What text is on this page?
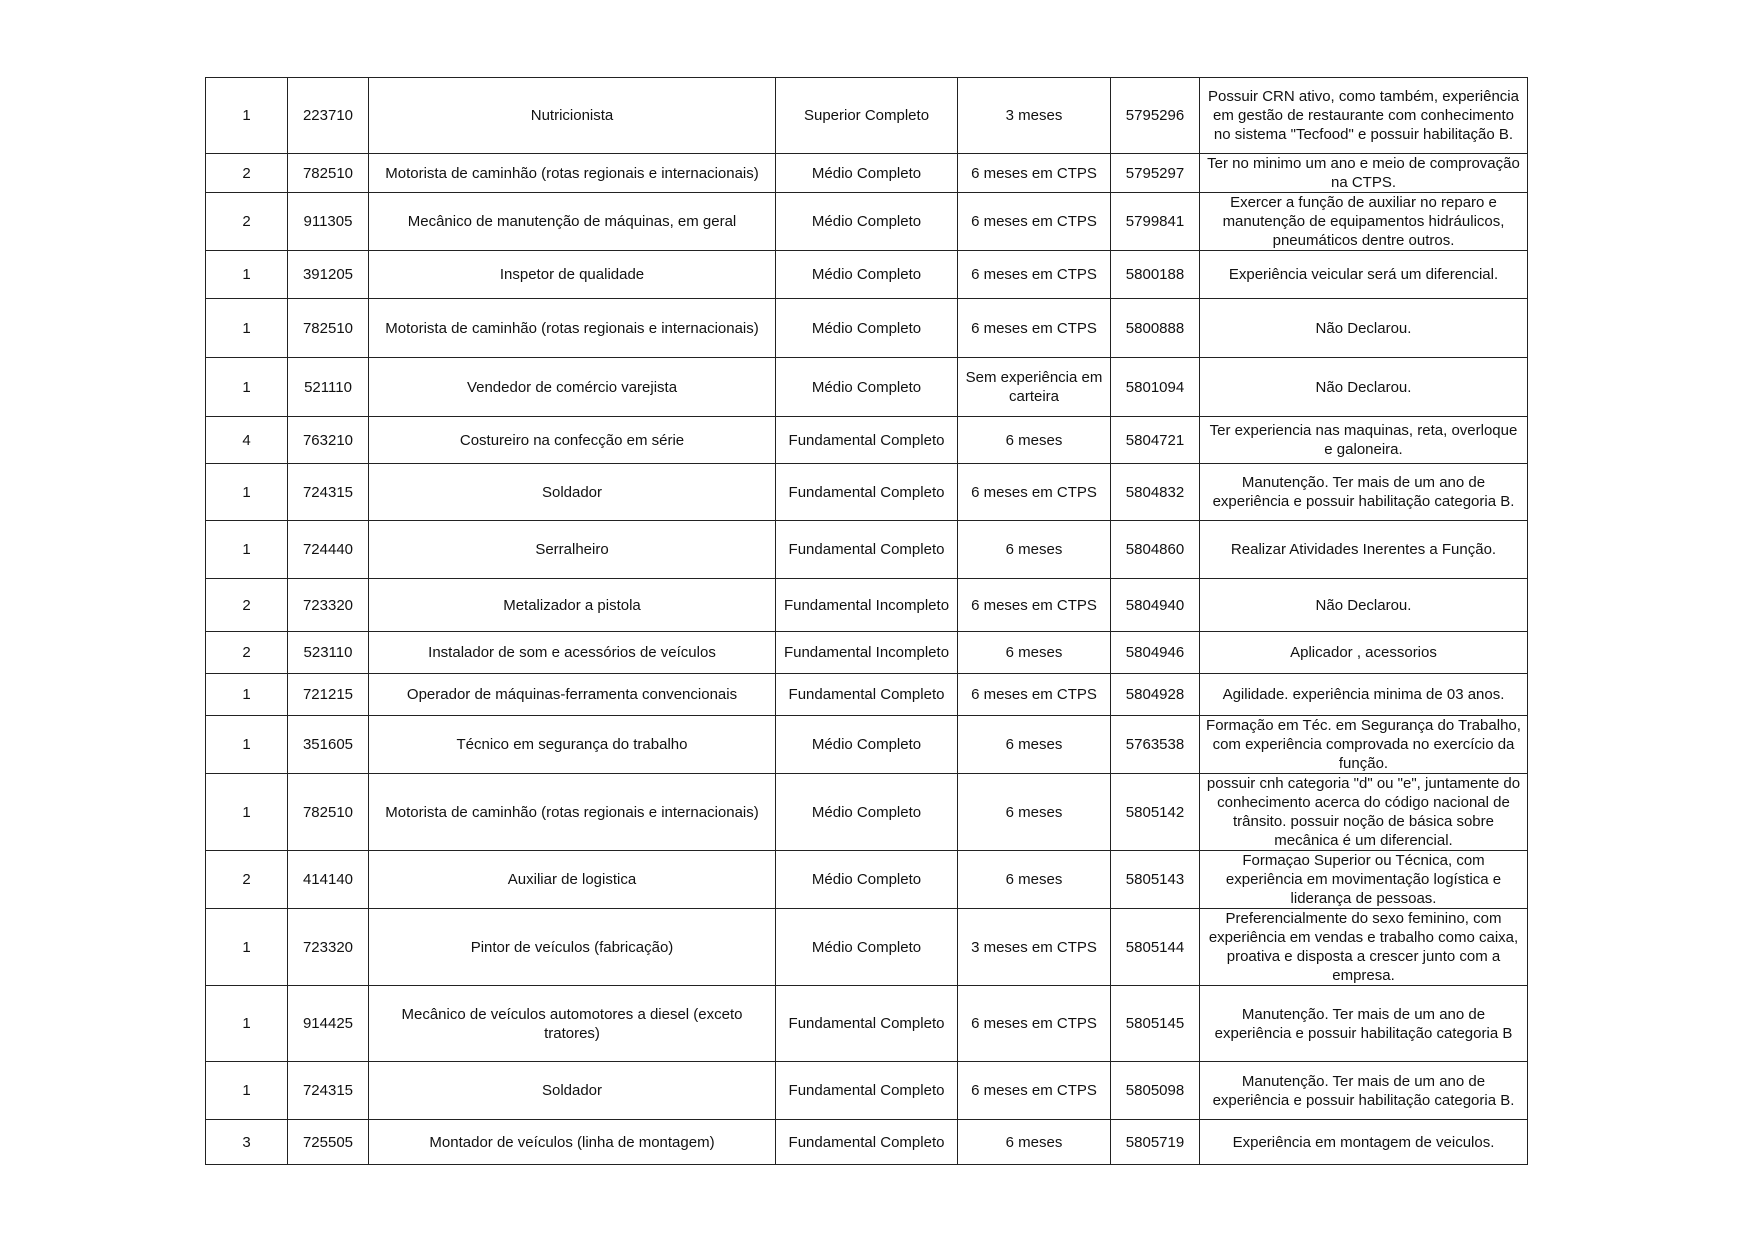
1	223710	Nutricionista	Superior Completo	3 meses	5795296	Possuir CRN ativo, como também, experiência em gestão de restaurante com conhecimento no sistema "Tecfood" e possuir habilitação B.
2	782510	Motorista de caminhão (rotas regionais e internacionais)	Médio Completo	6 meses em CTPS	5795297	Ter no minimo um ano e meio de comprovação na CTPS.
2	911305	Mecânico de manutenção de máquinas, em geral	Médio Completo	6 meses em CTPS	5799841	Exercer a função de auxiliar no reparo e manutenção de equipamentos hidráulicos, pneumáticos dentre outros.
1	391205	Inspetor de qualidade	Médio Completo	6 meses em CTPS	5800188	Experiência veicular será um diferencial.
1	782510	Motorista de caminhão (rotas regionais e internacionais)	Médio Completo	6 meses em CTPS	5800888	Não Declarou.
1	521110	Vendedor de comércio varejista	Médio Completo	Sem experiência em carteira	5801094	Não Declarou.
4	763210	Costureiro na confecção em série	Fundamental Completo	6 meses	5804721	Ter experiencia nas maquinas, reta, overloque e galoneira.
1	724315	Soldador	Fundamental Completo	6 meses em CTPS	5804832	Manutenção. Ter mais de um ano de experiência e possuir habilitação categoria B.
1	724440	Serralheiro	Fundamental Completo	6 meses	5804860	Realizar Atividades Inerentes a Função.
2	723320	Metalizador a pistola	Fundamental Incompleto	6 meses em CTPS	5804940	Não Declarou.
2	523110	Instalador de som e acessórios de veículos	Fundamental Incompleto	6 meses	5804946	Aplicador , acessorios
1	721215	Operador de máquinas-ferramenta convencionais	Fundamental Completo	6 meses em CTPS	5804928	Agilidade. experiência minima de 03 anos.
1	351605	Técnico em segurança do trabalho	Médio Completo	6 meses	5763538	Formação em Téc. em Segurança do Trabalho, com experiência comprovada no exercício da função.
1	782510	Motorista de caminhão (rotas regionais e internacionais)	Médio Completo	6 meses	5805142	possuir cnh categoria "d" ou "e", juntamente do conhecimento acerca do código nacional de trânsito. possuir noção de básica sobre mecânica é um diferencial.
2	414140	Auxiliar de logistica	Médio Completo	6 meses	5805143	Formaçao Superior ou Técnica, com experiência em movimentação logística e liderança de pessoas.
1	723320	Pintor de veículos (fabricação)	Médio Completo	3 meses em CTPS	5805144	Preferencialmente do sexo feminino, com experiência em vendas e trabalho como caixa, proativa e disposta a crescer junto com a empresa.
1	914425	Mecânico de veículos automotores a diesel (exceto tratores)	Fundamental Completo	6 meses em CTPS	5805145	Manutenção. Ter mais de um ano de experiência e possuir habilitação categoria B
1	724315	Soldador	Fundamental Completo	6 meses em CTPS	5805098	Manutenção. Ter mais de um ano de experiência e possuir habilitação categoria B.
3	725505	Montador de veículos (linha de montagem)	Fundamental Completo	6 meses	5805719	Experiência em montagem de veiculos.
